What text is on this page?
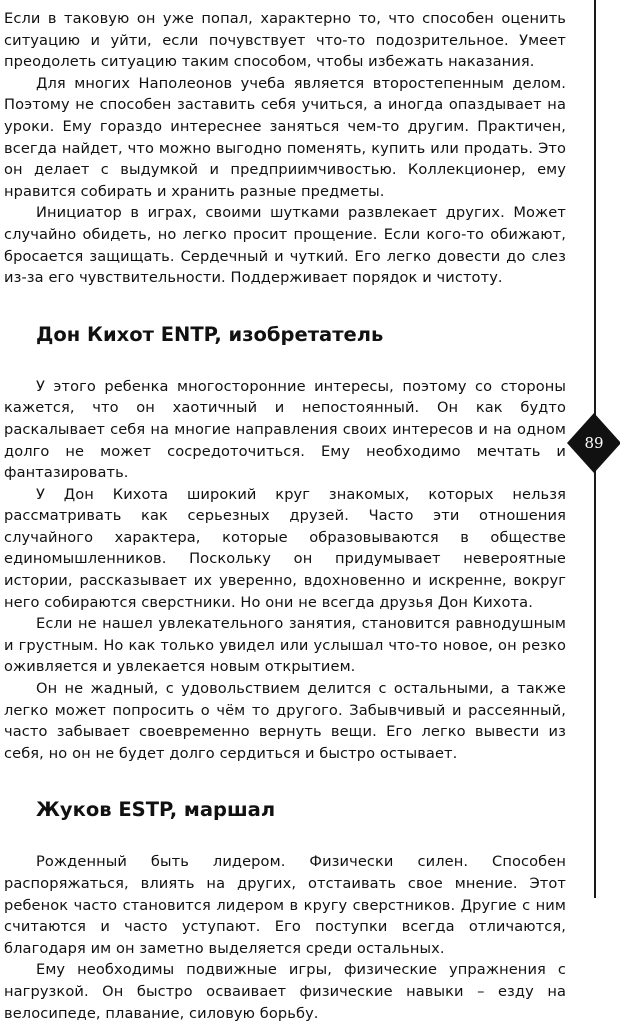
Если в таковую он уже попал, характерно то, что способен оценить ситуацию и уйти, если почувствует что-то подозрительное. Умеет преодолеть ситуацию таким способом, чтобы избежать наказания.

Для многих Наполеонов учеба является второстепенным делом. Поэтому не способен заставить себя учиться, а иногда опаздывает на уроки. Ему гораздо интереснее заняться чем-то другим. Практичен, всегда найдет, что можно выгодно поменять, купить или продать. Это он делает с выдумкой и предприимчивостью. Коллекционер, ему нравится собирать и хранить разные предметы.

Инициатор в играх, своими шутками развлекает других. Может случайно обидеть, но легко просит прощение. Если кого-то обижают, бросается защищать. Сердечный и чуткий. Его легко довести до слез из-за его чувствительности. Поддерживает порядок и чистоту.

Дон Кихот ENTP, изобретатель

У этого ребенка многосторонние интересы, поэтому со стороны кажется, что он хаотичный и непостоянный. Он как будто раскалывает себя на многие направления своих интересов и на одном долго не может сосредоточиться. Ему необходимо мечтать и фантазировать.

У Дон Кихота широкий круг знакомых, которых нельзя рассматривать как серьезных друзей. Часто эти отношения случайного характера, которые образовываются в обществе единомышленников. Поскольку он придумывает невероятные истории, рассказывает их уверенно, вдохновенно и искренне, вокруг него собираются сверстники. Но они не всегда друзья Дон Кихота.

Если не нашел увлекательного занятия, становится равнодушным и грустным. Но как только увидел или услышал что-то новое, он резко оживляется и увлекается новым открытием.

Он не жадный, с удовольствием делится с остальными, а также легко может попросить о чём то другого. Забывчивый и рассеянный, часто забывает своевременно вернуть вещи. Его легко вывести из себя, но он не будет долго сердиться и быстро остывает.

Жуков ESTP, маршал

Рожденный быть лидером. Физически силен. Способен распоряжаться, влиять на других, отстаивать свое мнение. Этот ребенок часто становится лидером в кругу сверстников. Другие с ним считаются и часто уступают. Его поступки всегда отличаются, благодаря им он заметно выделяется среди остальных.

Ему необходимы подвижные игры, физические упражнения с нагрузкой. Он быстро осваивает физические навыки – езду на велосипеде, плавание, силовую борьбу.

89
